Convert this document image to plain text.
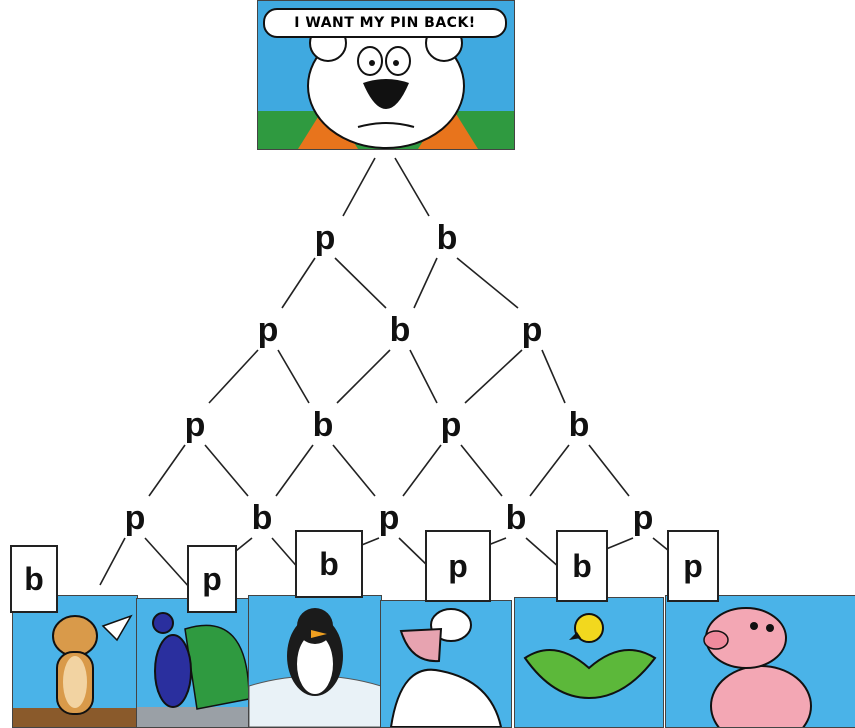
p	b
p	b	p
p	b	p	b
p	b	p	b	p
I WANT MY PIN BACK!
b	p	b	p	b	p
